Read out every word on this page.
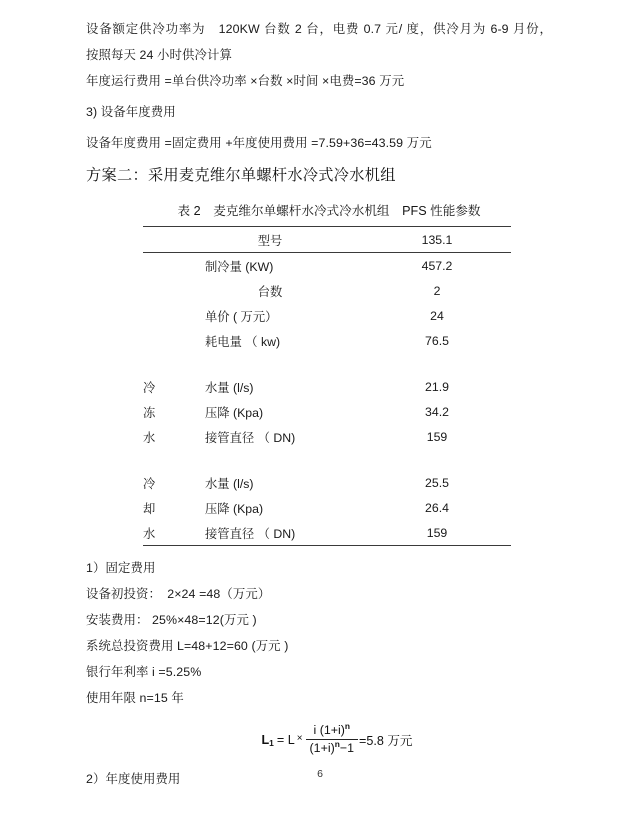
设备额定供冷功率为　120KW 台数 2 台，电费 0.7 元/ 度，供冷月为 6-9 月份，
按照每天 24 小时供冷计算
年度运行费用 =单台供冷功率 ×台数 ×时间 ×电费=36 万元
3) 设备年度费用
设备年度费用 =固定费用 +年度使用费用 =7.59+36=43.59 万元
方案二：采用麦克维尔单螺杆水冷式冷水机组
表 2　麦克维尔单螺杆水冷式冷水机组　PFS 性能参数
	型号	135.1
	制冷量 (KW)	457.2
	台数	2
	单价 ( 万元）	24
	耗电量 （ kw)	76.5

冷	水量 (l/s)	21.9
冻	压降 (Kpa)	34.2
水	接管直径 （ DN)	159

冷	水量 (l/s)	25.5
却	压降 (Kpa)	26.4
水	接管直径 （ DN)	159
1）固定费用
设备初投资：　2×24 =48（万元）
安装费用： 25%×48=12(万元 )
系统总投资费用 L=48+12=60 (万元 )
银行年利率 i =5.25%
使用年限 n=15 年
$L_1 = L \times \frac{i (1+i)^n}{(1+i)^n-1} =5.8$ 万元
2）年度使用费用	6
